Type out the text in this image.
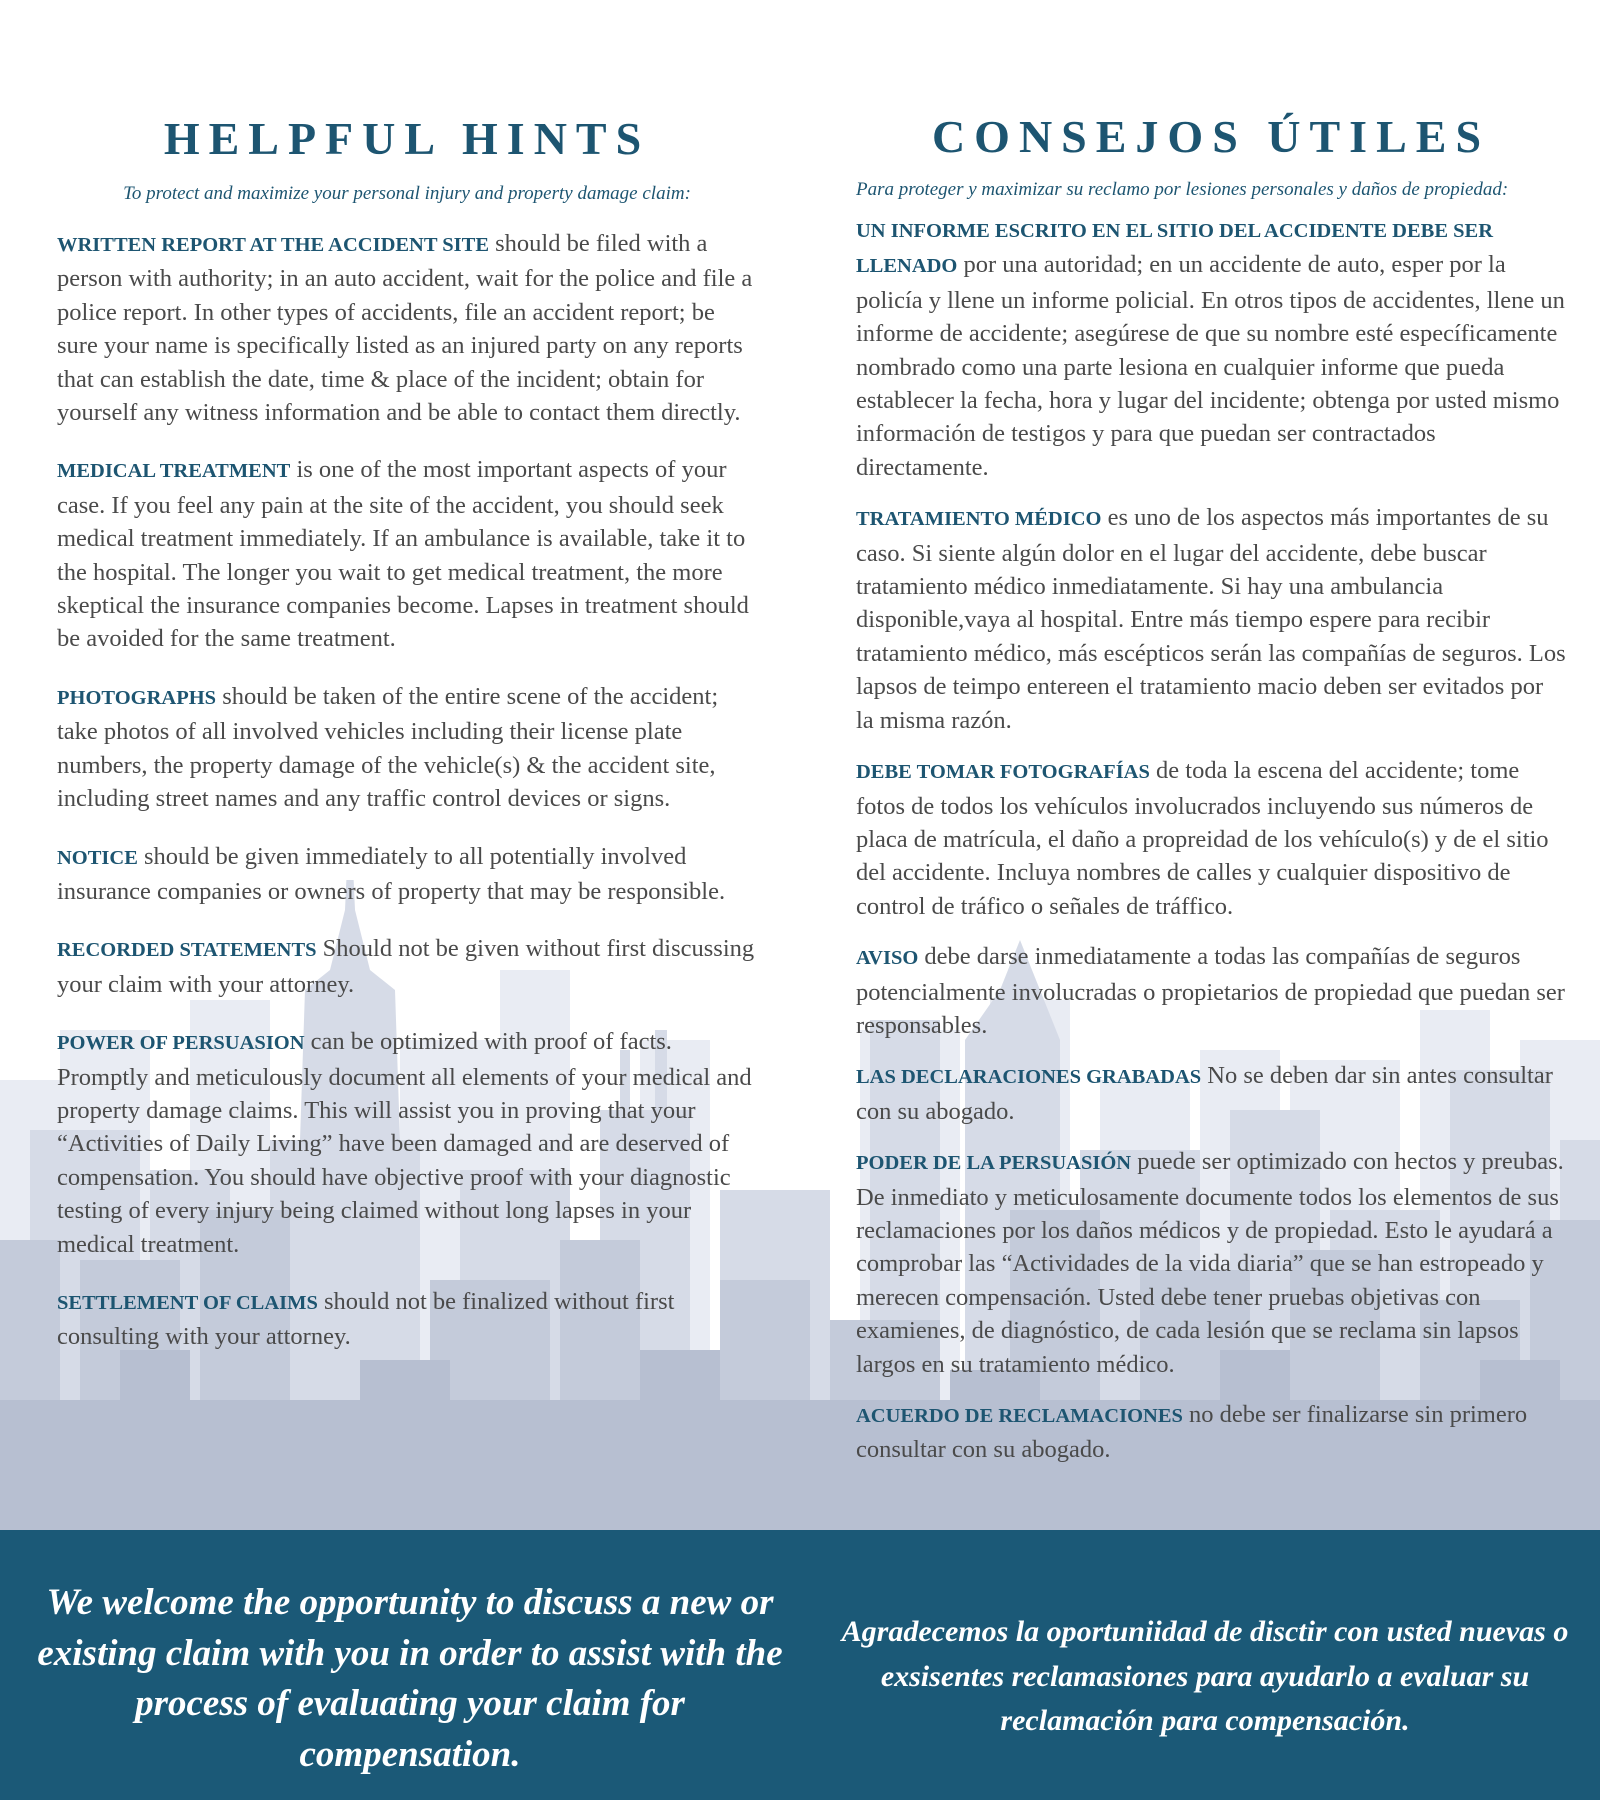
HELPFUL HINTS

To protect and maximize your personal injury and property damage claim:

WRITTEN REPORT AT THE ACCIDENT SITE should be filed with a person with authority; in an auto accident, wait for the police and file a police report. In other types of accidents, file an accident report; be sure your name is specifically listed as an injured party on any reports that can establish the date, time & place of the incident; obtain for yourself any witness information and be able to contact them directly.

MEDICAL TREATMENT is one of the most important aspects of your case. If you feel any pain at the site of the accident, you should seek medical treatment immediately. If an ambulance is available, take it to the hospital. The longer you wait to get medical treatment, the more skeptical the insurance companies become. Lapses in treatment should be avoided for the same treatment.

PHOTOGRAPHS should be taken of the entire scene of the accident; take photos of all involved vehicles including their license plate numbers, the property damage of the vehicle(s) & the accident site, including street names and any traffic control devices or signs.

NOTICE should be given immediately to all potentially involved insurance companies or owners of property that may be responsible.

RECORDED STATEMENTS Should not be given without first discussing your claim with your attorney.

POWER OF PERSUASION can be optimized with proof of facts. Promptly and meticulously document all elements of your medical and property damage claims. This will assist you in proving that your “Activities of Daily Living” have been damaged and are deserved of compensation. You should have objective proof with your diagnostic testing of every injury being claimed without long lapses in your medical treatment.

SETTLEMENT OF CLAIMS should not be finalized without first consulting with your attorney.

CONSEJOS ÚTILES

Para proteger y maximizar su reclamo por lesiones personales y daños de propiedad:

UN INFORME ESCRITO EN EL SITIO DEL ACCIDENTE DEBE SER LLENADO por una autoridad; en un accidente de auto, esper por la policía y llene un informe policial. En otros tipos de accidentes, llene un informe de accidente; asegúrese de que su nombre esté específicamente nombrado como una parte lesiona en cualquier informe que pueda establecer la fecha, hora y lugar del incidente; obtenga por usted mismo información de testigos y para que puedan ser contractados directamente.

TRATAMIENTO MÉDICO es uno de los aspectos más importantes de su caso. Si siente algún dolor en el lugar del accidente, debe buscar tratamiento médico inmediatamente. Si hay una ambulancia disponible,vaya al hospital. Entre más tiempo espere para recibir tratamiento médico, más escépticos serán las compañías de seguros. Los lapsos de teimpo entereen el tratamiento macio deben ser evitados por la misma razón.

DEBE TOMAR FOTOGRAFÍAS de toda la escena del accidente; tome fotos de todos los vehículos involucrados incluyendo sus números de placa de matrícula, el daño a propreidad de los vehículo(s) y de el sitio del accidente. Incluya nombres de calles y cualquier dispositivo de control de tráfico o señales de tráffico.

AVISO debe darse inmediatamente a todas las compañías de seguros potencialmente involucradas o propietarios de propiedad que puedan ser responsables.

LAS DECLARACIONES GRABADAS No se deben dar sin antes consultar con su abogado.

PODER DE LA PERSUASIÓN puede ser optimizado con hectos y preubas. De inmediato y meticulosamente documente todos los elementos de sus reclamaciones por los daños médicos y de propiedad. Esto le ayudará a comprobar las “Actividades de la vida diaria” que se han estropeado y merecen compensación. Usted debe tener pruebas objetivas con examienes, de diagnóstico, de cada lesión que se reclama sin lapsos largos en su tratamiento médico.

ACUERDO DE RECLAMACIONES no debe ser finalizarse sin primero consultar con su abogado.

We welcome the opportunity to discuss a new or existing claim with you in order to assist with the process of evaluating your claim for compensation.

Agradecemos la oportuniidad de disctir con usted nuevas o exsisentes reclamasiones para ayudarlo a evaluar su reclamación para compensación.
